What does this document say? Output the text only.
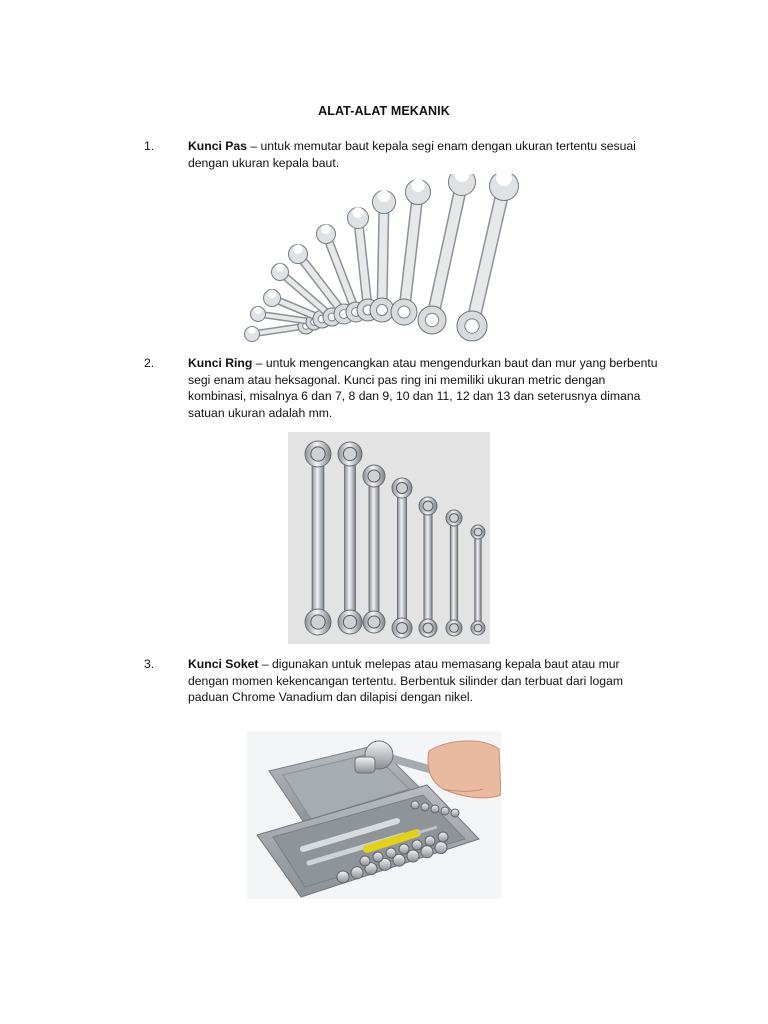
ALAT-ALAT MEKANIK
1.	Kunci Pas – untuk memutar baut kepala segi enam dengan ukuran tertentu sesuai dengan ukuran kepala baut.
2.	Kunci Ring – untuk mengencangkan atau mengendurkan baut dan mur yang berbentu segi enam atau heksagonal. Kunci pas ring ini memiliki ukuran metric dengan kombinasi, misalnya 6 dan 7, 8 dan 9, 10 dan 11, 12 dan 13 dan seterusnya dimana satuan ukuran adalah mm.
3.	Kunci Soket – digunakan untuk melepas atau memasang kepala baut atau mur dengan momen kekencangan tertentu. Berbentuk silinder dan terbuat dari logam paduan Chrome Vanadium dan dilapisi dengan nikel.
